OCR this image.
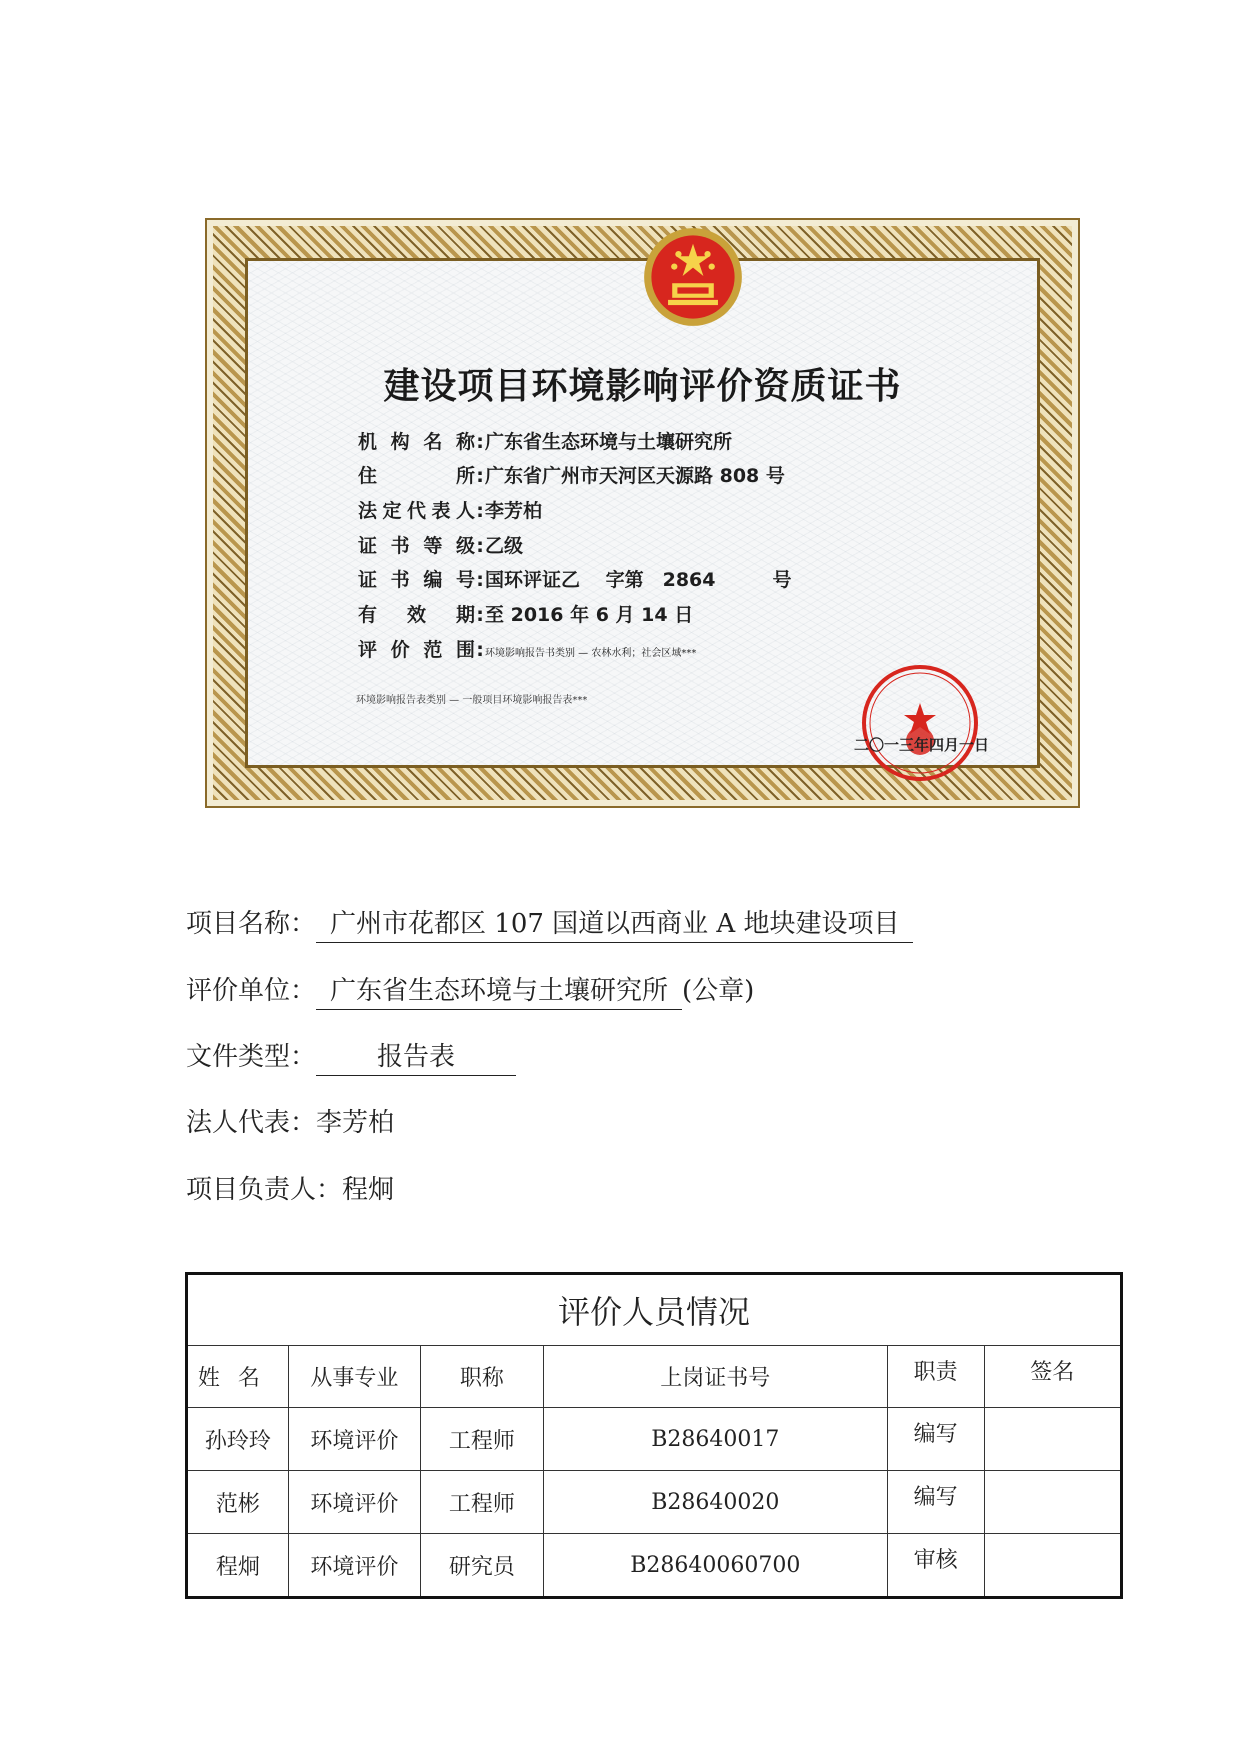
建设项目环境影响评价资质证书
机构名称:广东省生态环境与土壤研究所
住所:广东省广州市天河区天源路 808 号
法定代表人:李芳柏
证书等级:乙级
证书编号:国环评证乙　 字第　2864　　　号
有效期:至 2016 年 6 月 14 日
评价范围:环境影响报告书类别 — 农林水利；社会区域***
环境影响报告表类别 — 一般项目环境影响报告表***
二〇一三年四月一日
项目名称： 广州市花都区 107 国道以西商业 A 地块建设项目
评价单位： 广东省生态环境与土壤研究所 (公章)
文件类型： 报告表
法人代表：李芳柏
项目负责人：程炯
评价人员情况					
姓名	从事专业	职称	上岗证书号	职责	签名
孙玲玲	环境评价	工程师	B28640017	编写	
范彬	环境评价	工程师	B28640020	编写	
程炯	环境评价	研究员	B28640060700	审核	
